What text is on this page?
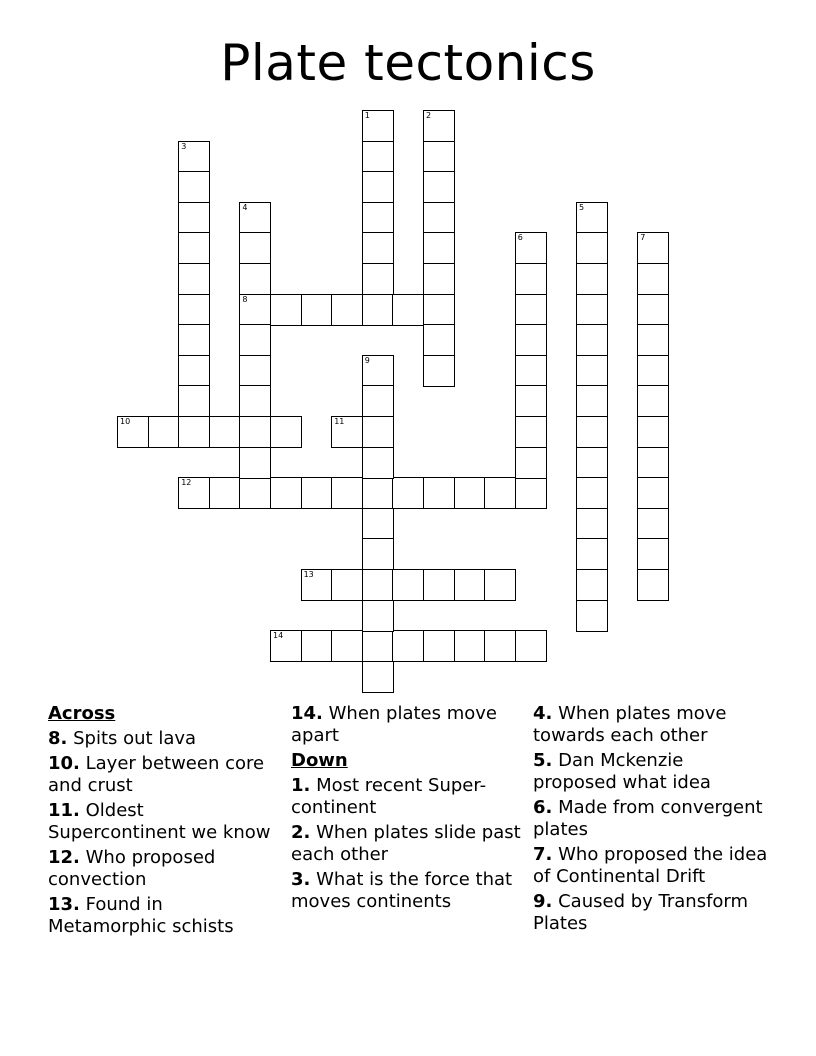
Plate tectonics
8
10	11
12
13
14
1	2
3
4	5
6	7
9
Across
8. Spits out lava
10. Layer between core and crust
11. Oldest Supercontinent we know
12. Who proposed convection
13. Found in Metamorphic schists
14. When plates move apart
Down
1. Most recent Super-continent
2. When plates slide past each other
3. What is the force that moves continents
4. When plates move towards each other
5. Dan Mckenzie proposed what idea
6. Made from convergent plates
7. Who proposed the idea of Continental Drift
9. Caused by Transform Plates
